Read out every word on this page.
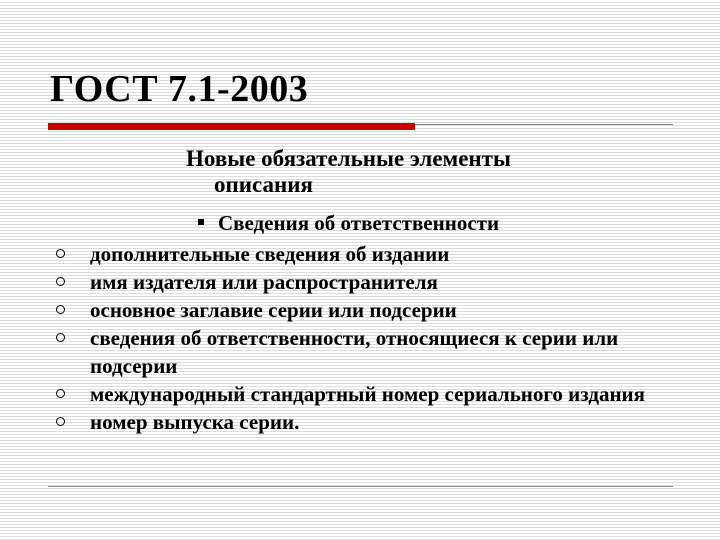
ГОСТ 7.1-2003

Новые обязательные элементы
описания

Сведения об ответственности
дополнительные сведения об издании
имя издателя или распространителя
основное заглавие серии или подсерии
сведения об ответственности, относящиеся к серии или подсерии
международный стандартный номер сериального издания
номер выпуска серии.
